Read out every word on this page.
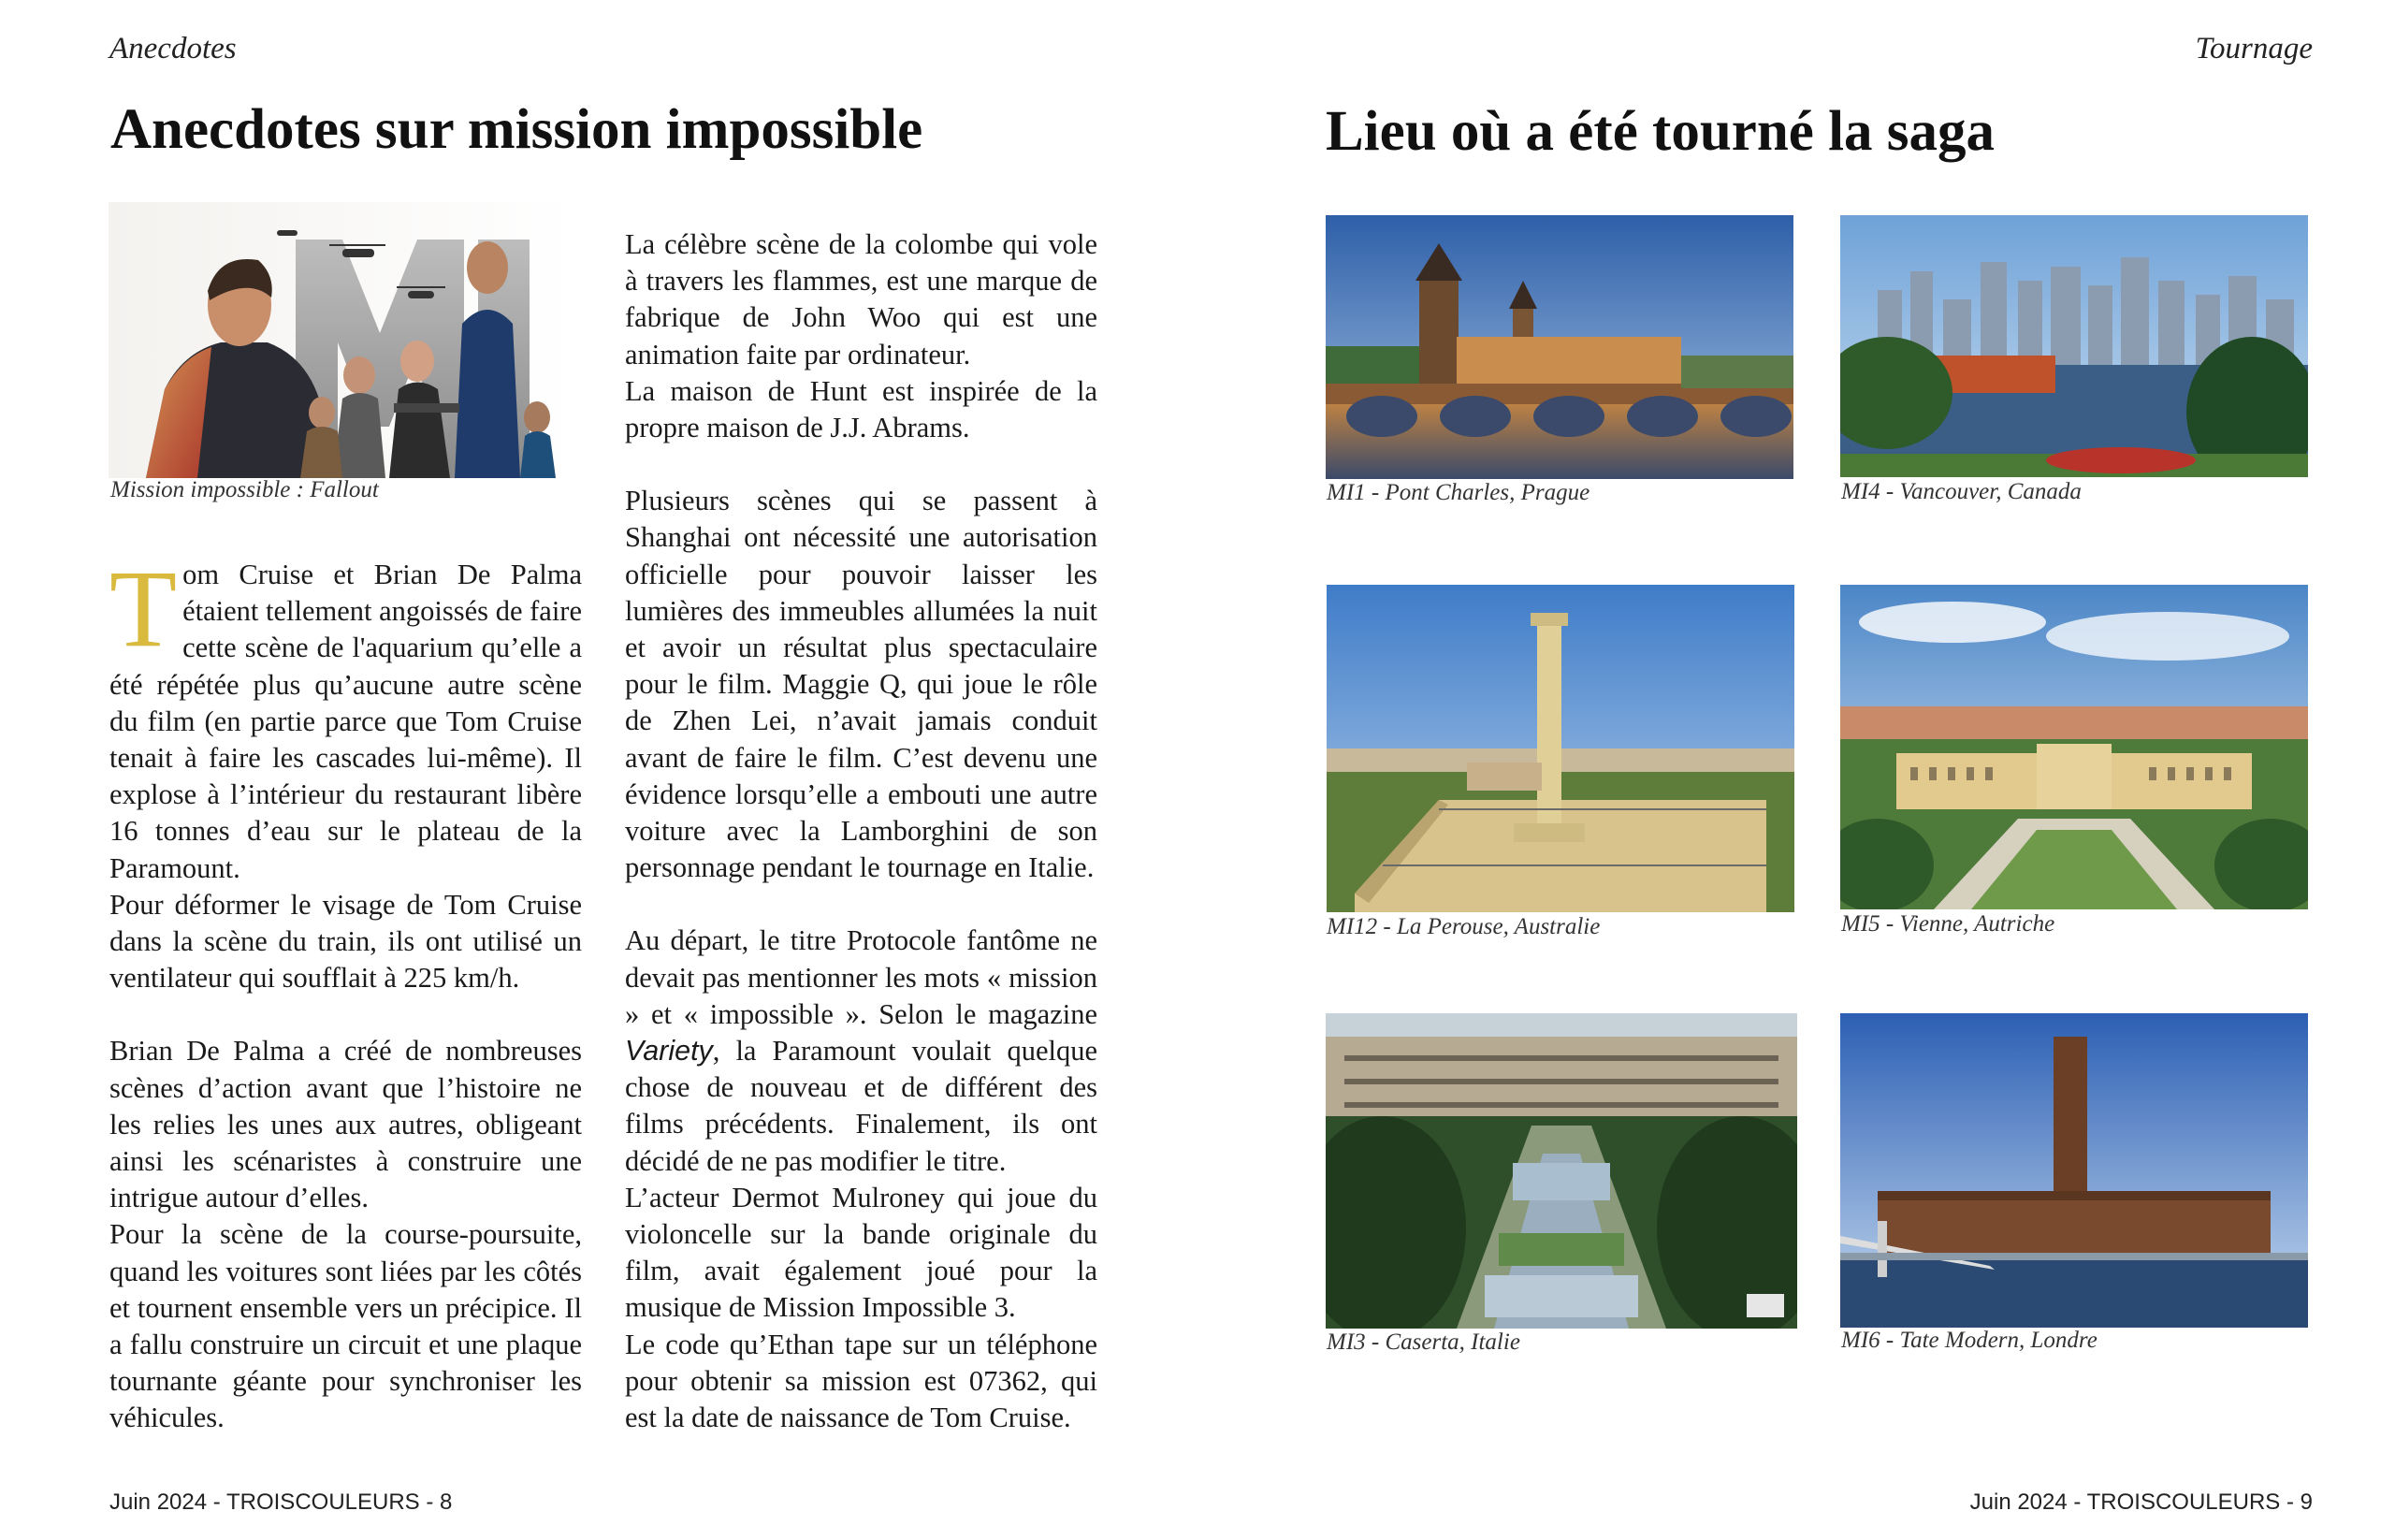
Anecdotes
Anecdotes sur mission impossible
Mission impossible : Fallout

Tom Cruise et Brian De Palma étaient tellement angoissés de faire cette scène de l'aquarium qu’elle a été répétée plus qu’aucune autre scène du film (en partie parce que Tom Cruise tenait à faire les cascades lui-même). Il explose à l’intérieur du restaurant libère 16 tonnes d’eau sur le plateau de la Paramount.

Pour déformer le visage de Tom Cruise dans la scène du train, ils ont utilisé un ventilateur qui soufflait à 225 km/h.

Brian De Palma a créé de nombreuses scènes d’action avant que l’histoire ne les relies les unes aux autres, obligeant ainsi les scénaristes à construire une intrigue autour d’elles.

Pour la scène de la course-poursuite, quand les voitures sont liées par les côtés et tournent ensemble vers un précipice. Il a fallu construire un circuit et une plaque tournante géante pour synchroniser les véhicules.

La célèbre scène de la colombe qui vole à travers les flammes, est une marque de fabrique de John Woo qui est une animation faite par ordinateur.

La maison de Hunt est inspirée de la propre maison de J.J. Abrams.

Plusieurs scènes qui se passent à Shanghai ont nécessité une autorisation officielle pour pouvoir laisser les lumières des immeubles allumées la nuit et avoir un résultat plus spectaculaire pour le film. Maggie Q, qui joue le rôle de Zhen Lei, n’avait jamais conduit avant de faire le film. C’est devenu une évidence lorsqu’elle a embouti une autre voiture avec la Lamborghini de son personnage pendant le tournage en Italie.

Au départ, le titre Protocole fantôme ne devait pas mentionner les mots « mission » et « impossible ». Selon le magazine Variety, la Paramount voulait quelque chose de nouveau et de différent des films précédents. Finalement, ils ont décidé de ne pas modifier le titre.

L’acteur Dermot Mulroney qui joue du violoncelle sur la bande originale du film, avait également joué pour la musique de Mission Impossible 3.

Le code qu’Ethan tape sur un téléphone pour obtenir sa mission est 07362, qui est la date de naissance de Tom Cruise.

Juin 2024 - TROISCOULEURS - 8
Tournage
Lieu où a été tourné la saga
MI1 - Pont Charles, Prague	MI4 - Vancouver, Canada
MI12 - La Perouse, Australie	MI5 - Vienne, Autriche
MI3 - Caserta, Italie	MI6 - Tate Modern, Londre
Juin 2024 - TROISCOULEURS - 9
